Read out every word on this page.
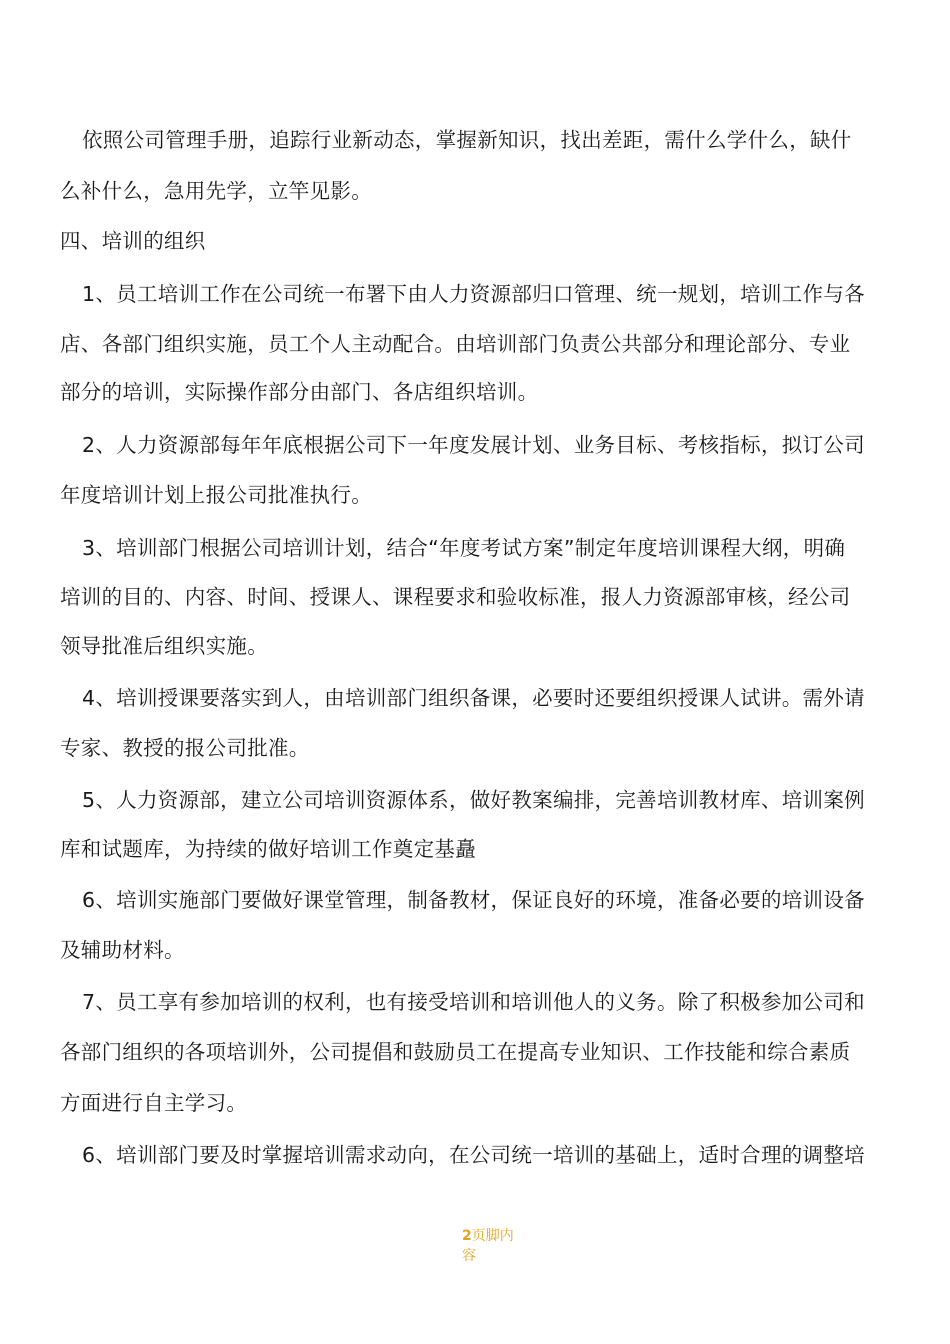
依照公司管理手册，追踪行业新动态，掌握新知识，找出差距，需什么学什么，缺什
么补什么，急用先学，立竿见影。
四、培训的组织
1、员工培训工作在公司统一布署下由人力资源部归口管理、统一规划，培训工作与各
店、各部门组织实施，员工个人主动配合。由培训部门负责公共部分和理论部分、专业
部分的培训，实际操作部分由部门、各店组织培训。
2、人力资源部每年年底根据公司下一年度发展计划、业务目标、考核指标，拟订公司
年度培训计划上报公司批准执行。
3、培训部门根据公司培训计划，结合“年度考试方案”制定年度培训课程大纲，明确
培训的目的、内容、时间、授课人、课程要求和验收标准，报人力资源部审核，经公司
领导批准后组织实施。
4、培训授课要落实到人，由培训部门组织备课，必要时还要组织授课人试讲。需外请
专家、教授的报公司批准。
5、人力资源部，建立公司培训资源体系，做好教案编排，完善培训教材库、培训案例
库和试题库，为持续的做好培训工作奠定基矗
6、培训实施部门要做好课堂管理，制备教材，保证良好的环境，准备必要的培训设备
及辅助材料。
7、员工享有参加培训的权利，也有接受培训和培训他人的义务。除了积极参加公司和
各部门组织的各项培训外，公司提倡和鼓励员工在提高专业知识、工作技能和综合素质
方面进行自主学习。
6、培训部门要及时掌握培训需求动向，在公司统一培训的基础上，适时合理的调整培
2页脚内
容
